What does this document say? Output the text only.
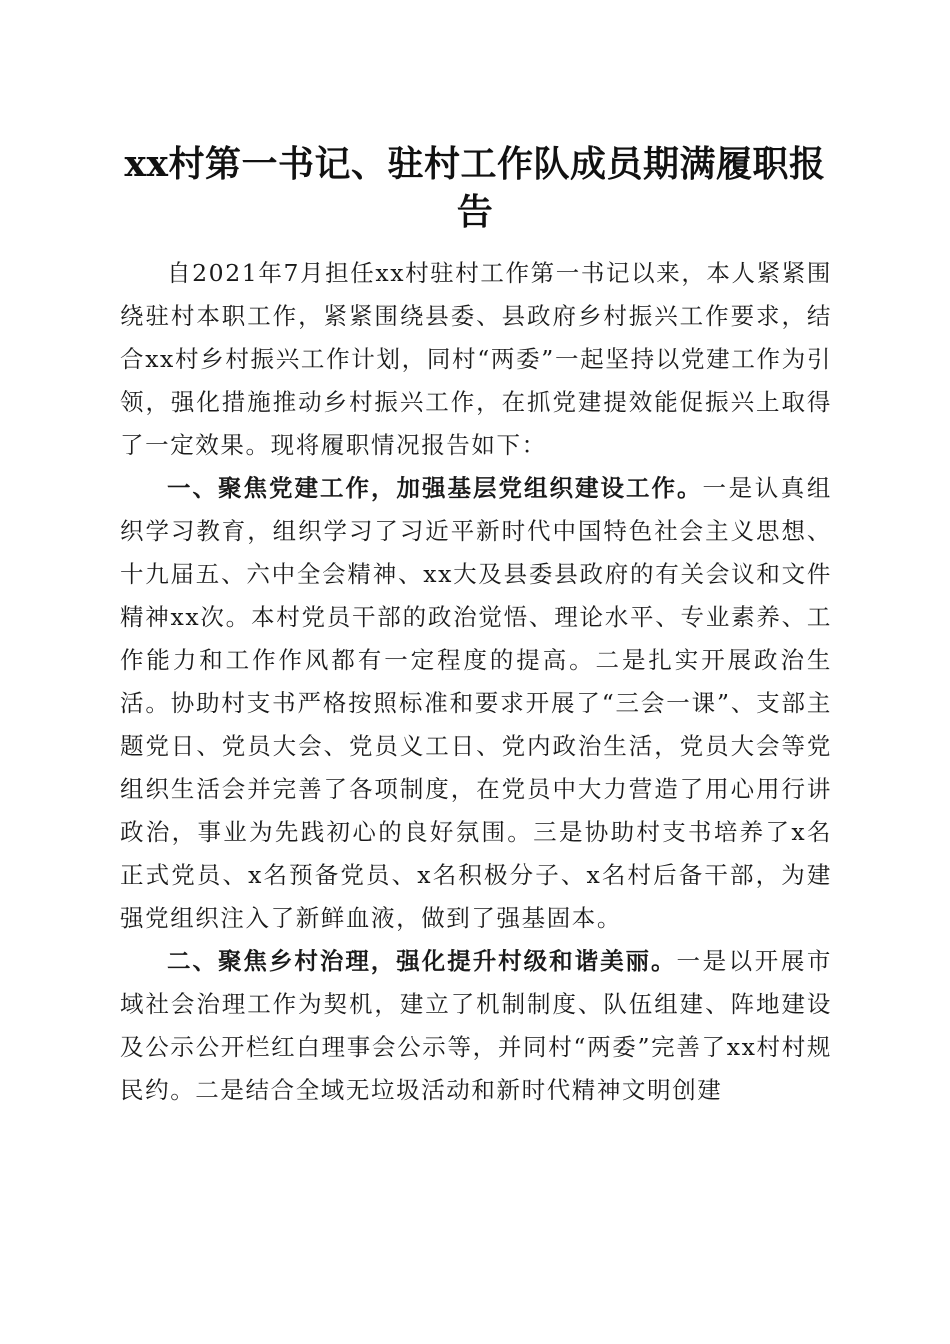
xx村第一书记、驻村工作队成员期满履职报告

自2021年7月担任xx村驻村工作第一书记以来，本人紧紧围绕驻村本职工作，紧紧围绕县委、县政府乡村振兴工作要求，结合xx村乡村振兴工作计划，同村“两委”一起坚持以党建工作为引领，强化措施推动乡村振兴工作，在抓党建提效能促振兴上取得了一定效果。现将履职情况报告如下：

一、聚焦党建工作，加强基层党组织建设工作。一是认真组织学习教育，组织学习了习近平新时代中国特色社会主义思想、十九届五、六中全会精神、xx大及县委县政府的有关会议和文件精神xx次。本村党员干部的政治觉悟、理论水平、专业素养、工作能力和工作作风都有一定程度的提高。二是扎实开展政治生活。协助村支书严格按照标准和要求开展了“三会一课”、支部主题党日、党员大会、党员义工日、党内政治生活，党员大会等党组织生活会并完善了各项制度，在党员中大力营造了用心用行讲政治，事业为先践初心的良好氛围。三是协助村支书培养了x名正式党员、x名预备党员、x名积极分子、x名村后备干部，为建强党组织注入了新鲜血液，做到了强基固本。

二、聚焦乡村治理，强化提升村级和谐美丽。一是以开展市域社会治理工作为契机，建立了机制制度、队伍组建、阵地建设及公示公开栏红白理事会公示等，并同村“两委”完善了xx村村规民约。二是结合全域无垃圾活动和新时代精神文明创建
